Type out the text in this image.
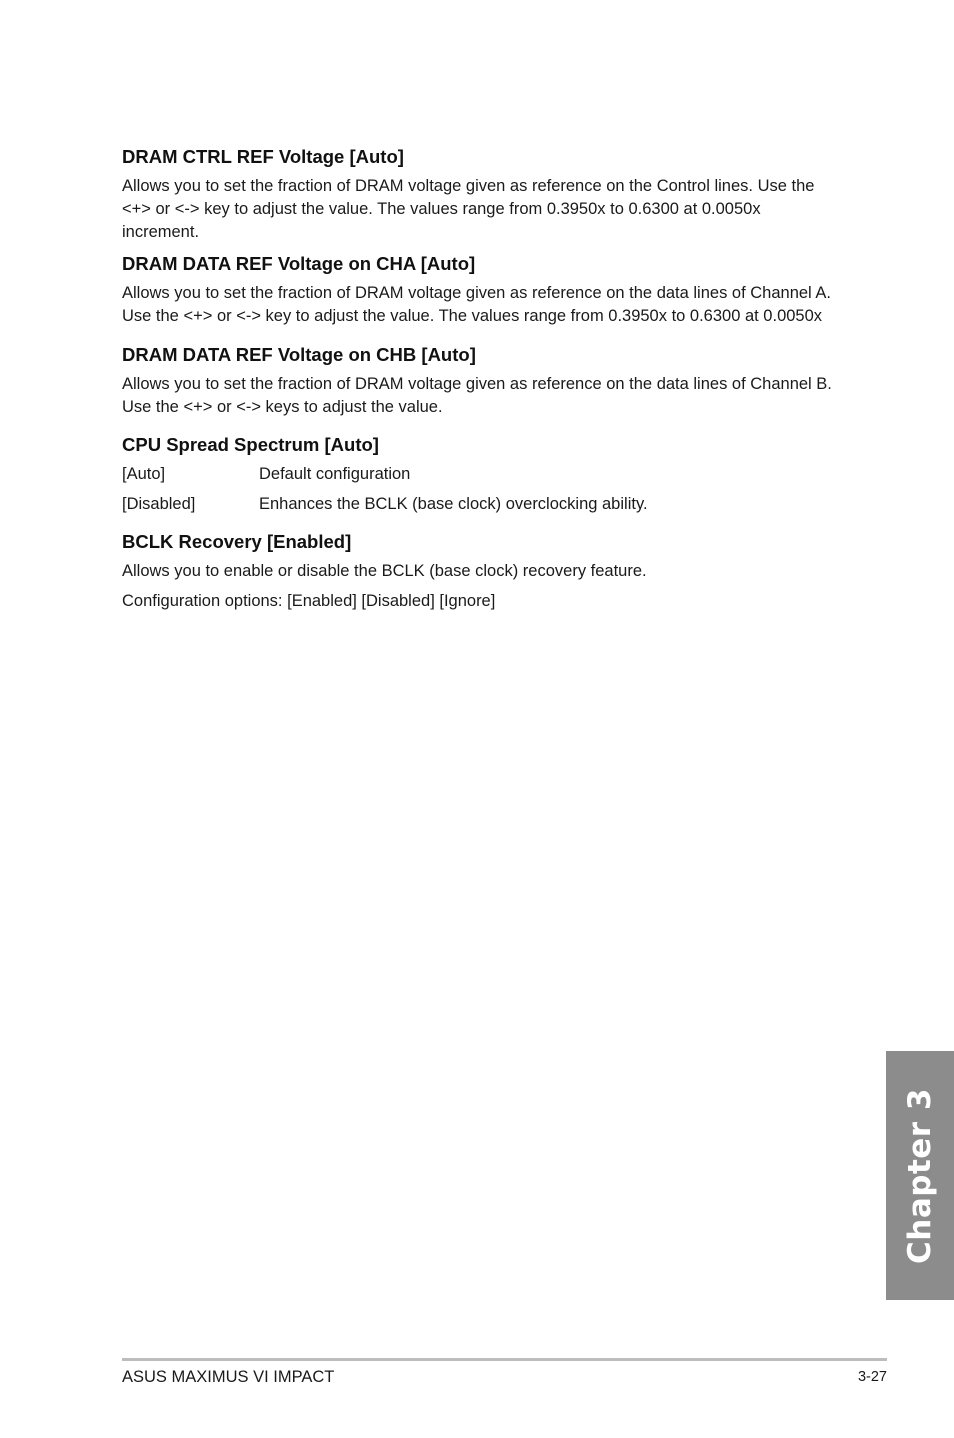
DRAM CTRL REF Voltage [Auto]

Allows you to set the fraction of DRAM voltage given as reference on the Control lines. Use the <+> or <-> key to adjust the value. The values range from 0.3950x to 0.6300 at 0.0050x increment.

DRAM DATA REF Voltage on CHA [Auto]

Allows you to set the fraction of DRAM voltage given as reference on the data lines of Channel A. Use the <+> or <-> key to adjust the value. The values range from 0.3950x to 0.6300 at 0.0050x

DRAM DATA REF Voltage on CHB [Auto]

Allows you to set the fraction of DRAM voltage given as reference on the data lines of Channel B. Use the <+> or <-> keys to adjust the value.

CPU Spread Spectrum [Auto]
[Auto]	Default configuration
[Disabled]	Enhances the BCLK (base clock) overclocking ability.
BCLK Recovery [Enabled]

Allows you to enable or disable the BCLK (base clock) recovery feature.

Configuration options: [Enabled] [Disabled] [Ignore]

Chapter 3
ASUS MAXIMUS VI IMPACT	3-27
